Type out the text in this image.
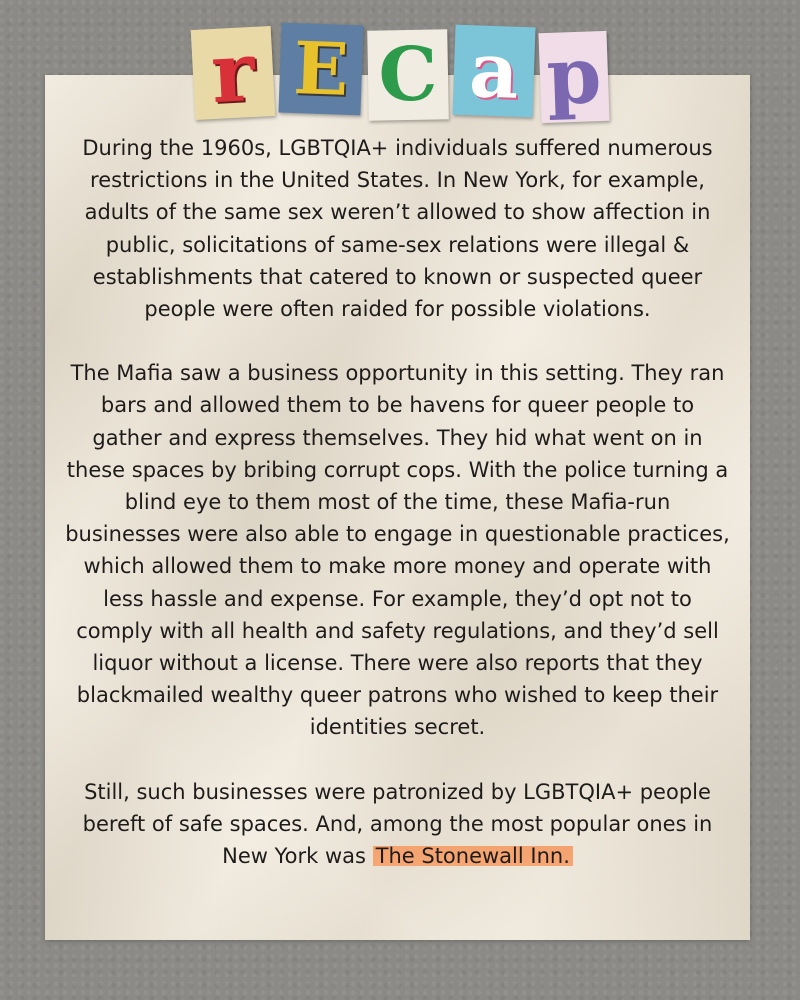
r E C a p

During the 1960s, LGBTQIA+ individuals suffered numerous restrictions in the United States. In New York, for example, adults of the same sex weren’t allowed to show affection in public, solicitations of same-sex relations were illegal & establishments that catered to known or suspected queer people were often raided for possible violations.

The Mafia saw a business opportunity in this setting. They ran bars and allowed them to be havens for queer people to gather and express themselves. They hid what went on in these spaces by bribing corrupt cops. With the police turning a blind eye to them most of the time, these Mafia-run businesses were also able to engage in questionable practices, which allowed them to make more money and operate with less hassle and expense. For example, they’d opt not to comply with all health and safety regulations, and they’d sell liquor without a license. There were also reports that they blackmailed wealthy queer patrons who wished to keep their identities secret.

Still, such businesses were patronized by LGBTQIA+ people bereft of safe spaces. And, among the most popular ones in New York was The Stonewall Inn.
